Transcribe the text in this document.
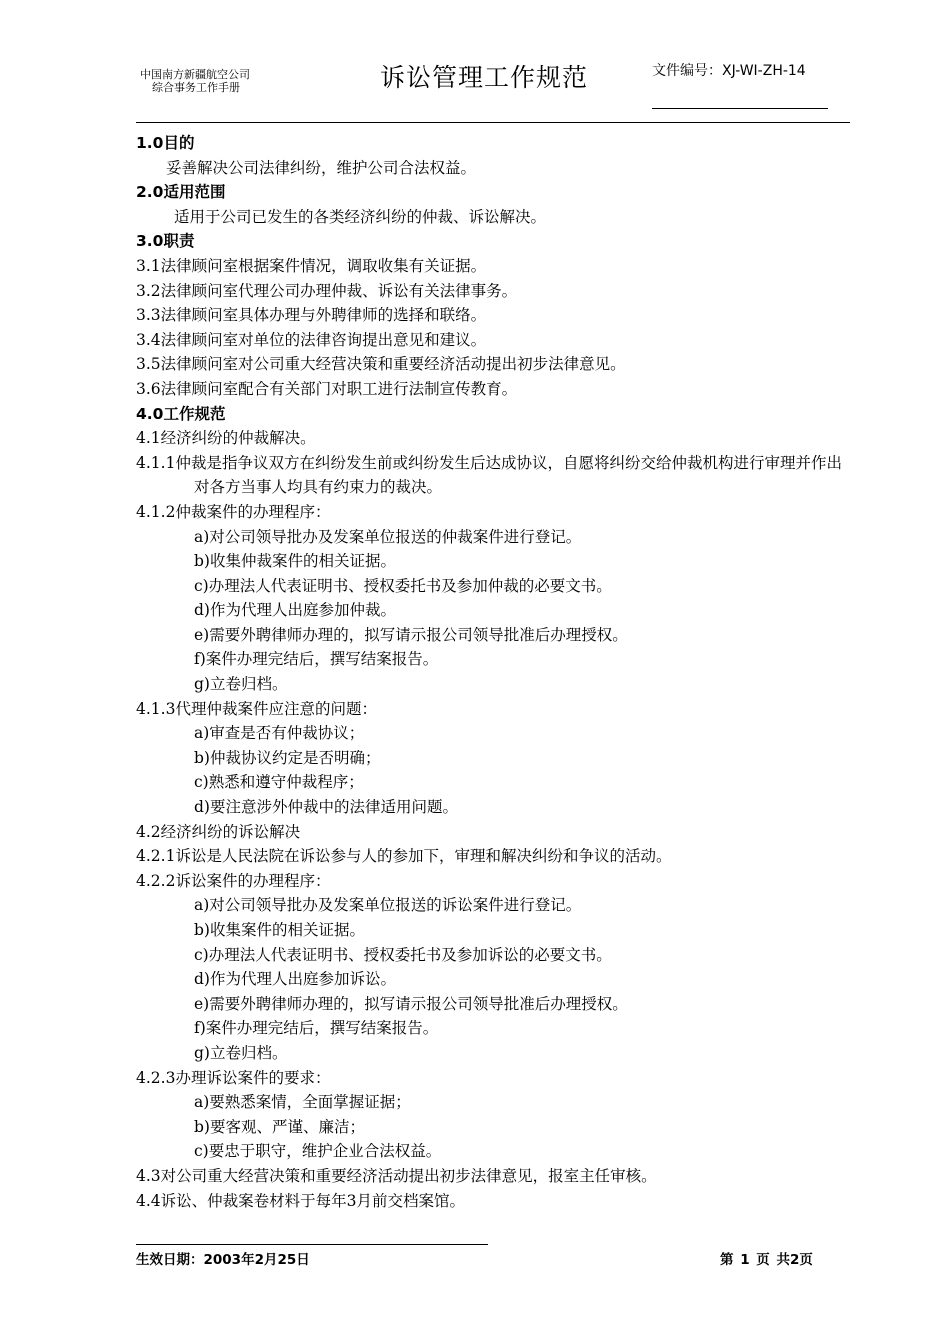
中国南方新疆航空公司
综合事务工作手册	诉讼管理工作规范	文件编号：XJ-WI-ZH-14
1.0目的
妥善解决公司法律纠纷，维护公司合法权益。
2.0适用范围
适用于公司已发生的各类经济纠纷的仲裁、诉讼解决。
3.0职责
3.1法律顾问室根据案件情况，调取收集有关证据。
3.2法律顾问室代理公司办理仲裁、诉讼有关法律事务。
3.3法律顾问室具体办理与外聘律师的选择和联络。
3.4法律顾问室对单位的法律咨询提出意见和建议。
3.5法律顾问室对公司重大经营决策和重要经济活动提出初步法律意见。
3.6法律顾问室配合有关部门对职工进行法制宣传教育。
4.0工作规范
4.1经济纠纷的仲裁解决。
4.1.1仲裁是指争议双方在纠纷发生前或纠纷发生后达成协议，自愿将纠纷交给仲裁机构进行审理并作出对各方当事人均具有约束力的裁决。
4.1.2仲裁案件的办理程序：
a)对公司领导批办及发案单位报送的仲裁案件进行登记。
b)收集仲裁案件的相关证据。
c)办理法人代表证明书、授权委托书及参加仲裁的必要文书。
d)作为代理人出庭参加仲裁。
e)需要外聘律师办理的，拟写请示报公司领导批准后办理授权。
f)案件办理完结后，撰写结案报告。
g)立卷归档。
4.1.3代理仲裁案件应注意的问题：
a)审查是否有仲裁协议；
b)仲裁协议约定是否明确；
c)熟悉和遵守仲裁程序；
d)要注意涉外仲裁中的法律适用问题。
4.2经济纠纷的诉讼解决
4.2.1诉讼是人民法院在诉讼参与人的参加下，审理和解决纠纷和争议的活动。
4.2.2诉讼案件的办理程序：
a)对公司领导批办及发案单位报送的诉讼案件进行登记。
b)收集案件的相关证据。
c)办理法人代表证明书、授权委托书及参加诉讼的必要文书。
d)作为代理人出庭参加诉讼。
e)需要外聘律师办理的，拟写请示报公司领导批准后办理授权。
f)案件办理完结后，撰写结案报告。
g)立卷归档。
4.2.3办理诉讼案件的要求：
a)要熟悉案情，全面掌握证据；
b)要客观、严谨、廉洁；
c)要忠于职守，维护企业合法权益。
4.3对公司重大经营决策和重要经济活动提出初步法律意见，报室主任审核。
4.4诉讼、仲裁案卷材料于每年3月前交档案馆。
生效日期：2003年2月25日	第 1 页 共2页
